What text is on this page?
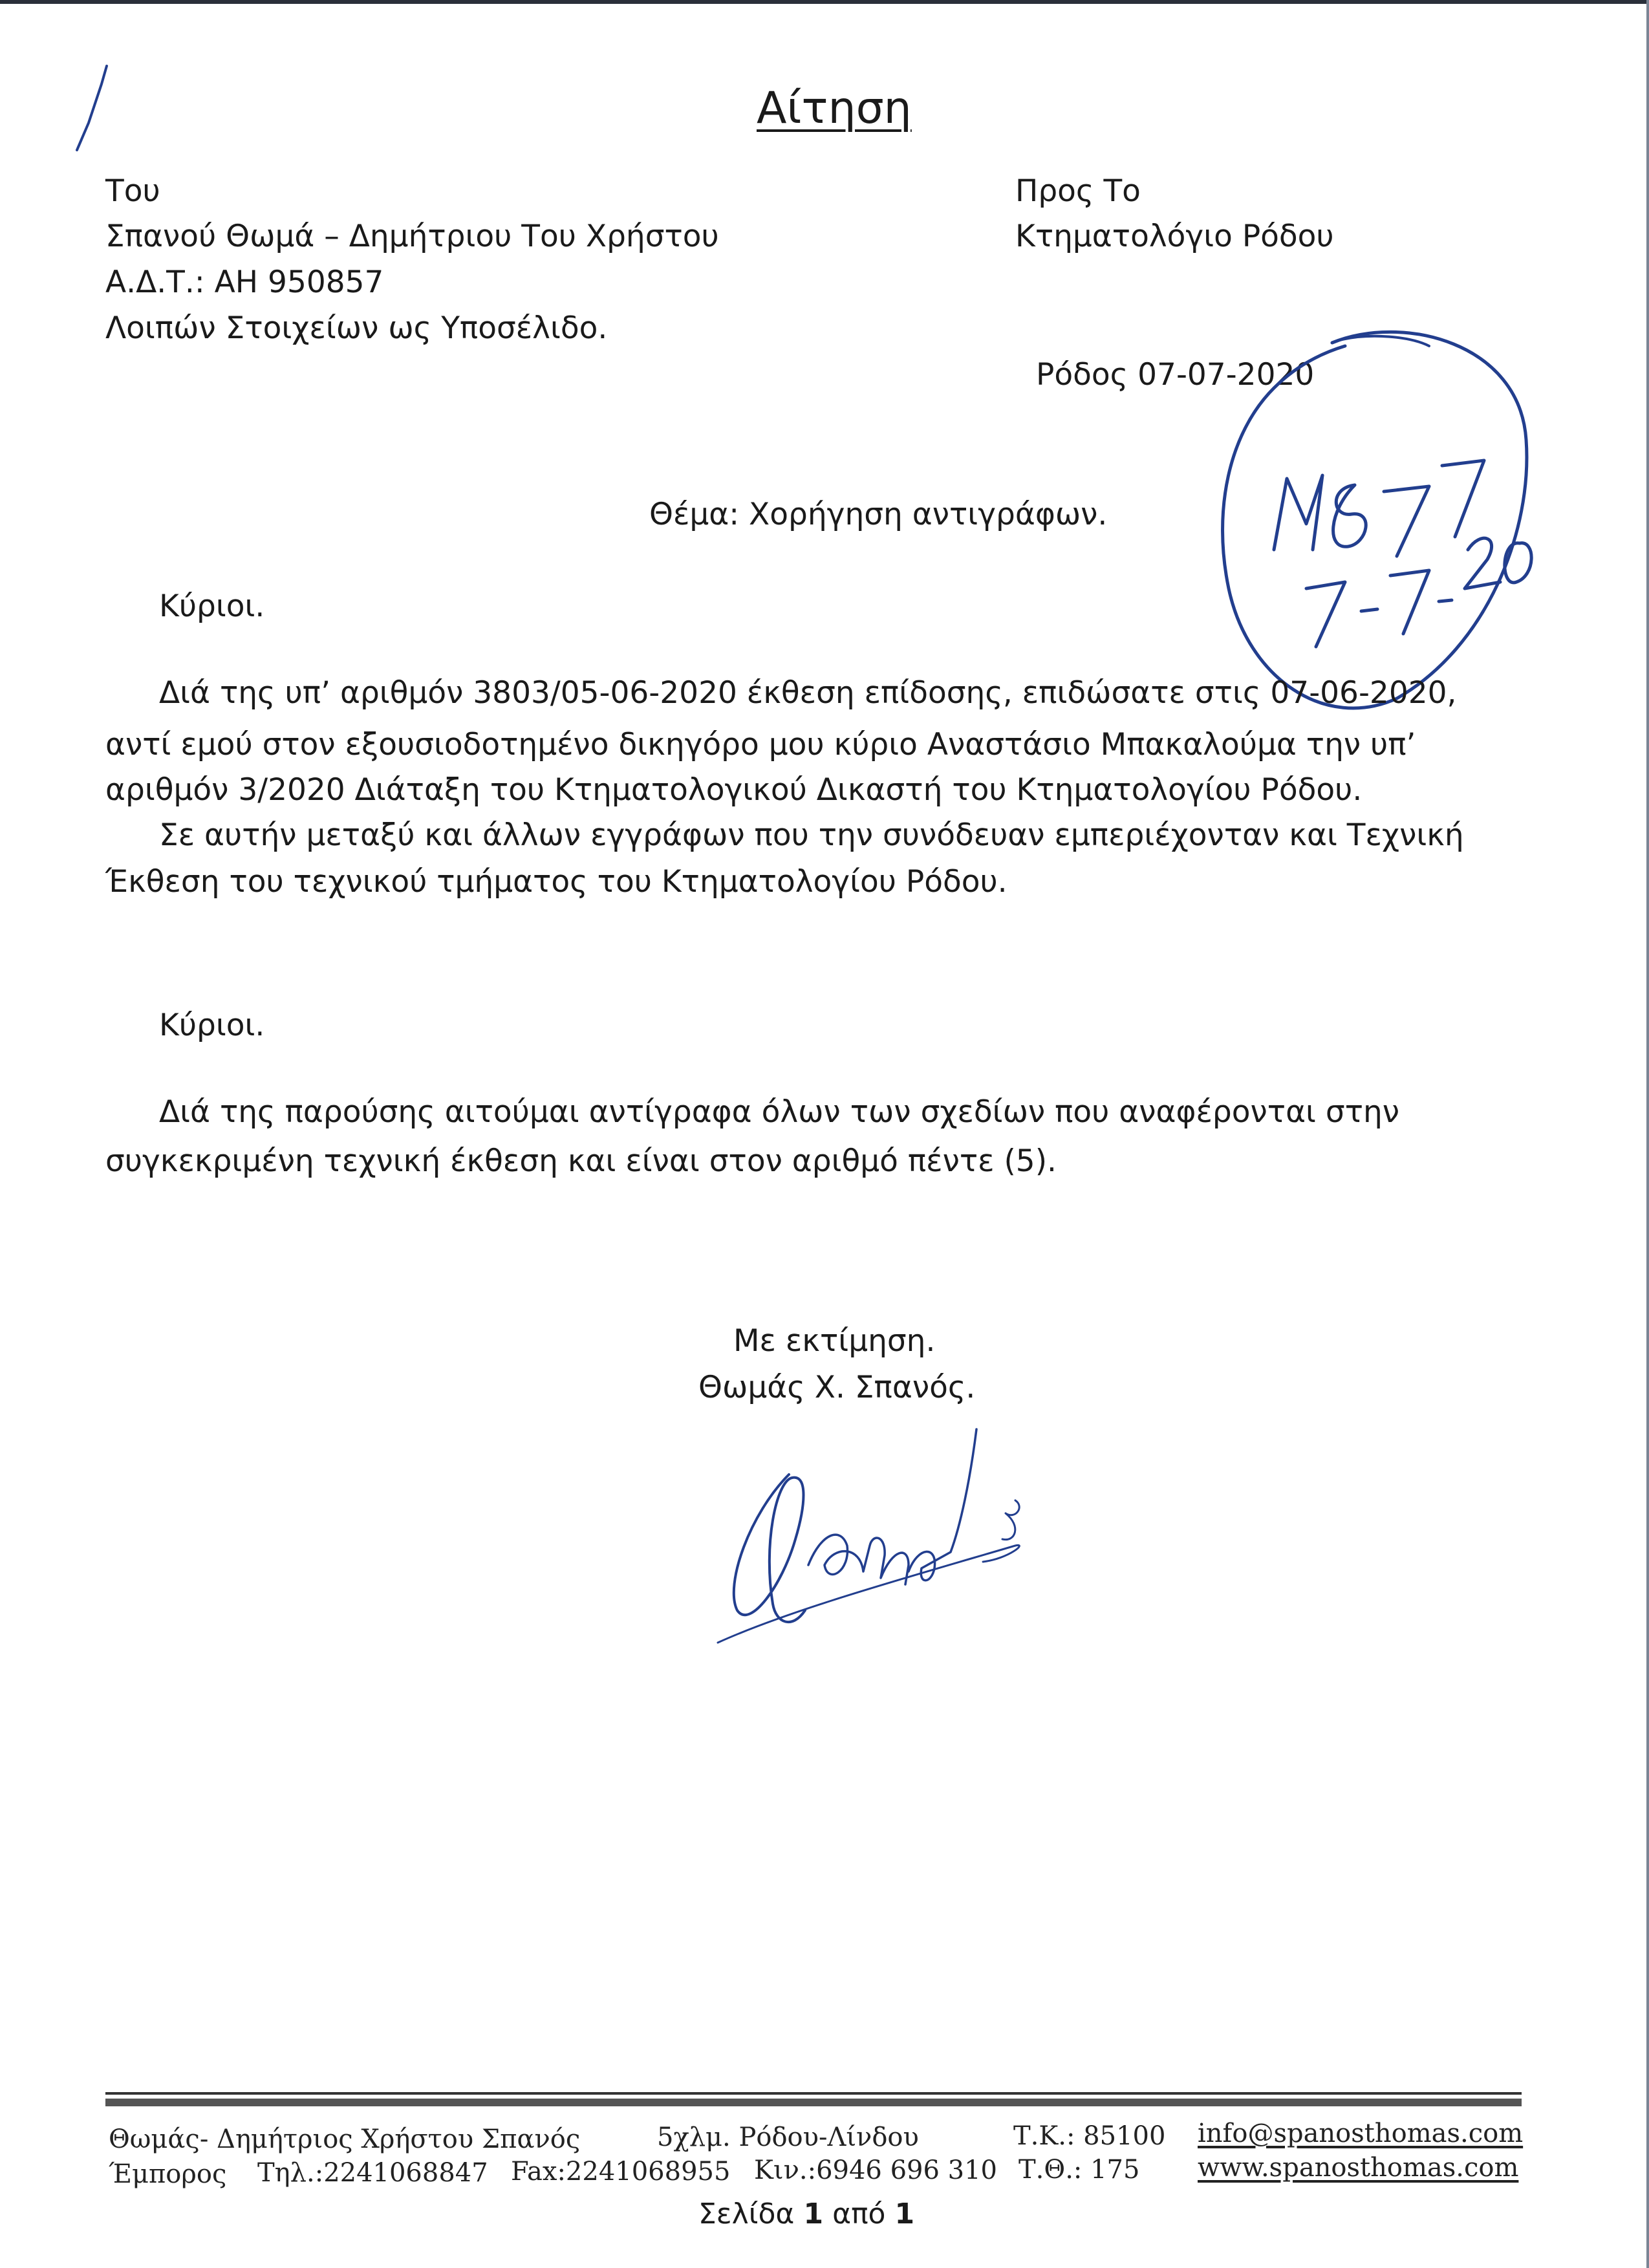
Αίτηση
Του
Σπανού Θωμά – Δημήτριου Του Χρήστου
Α.Δ.Τ.: ΑΗ 950857
Λοιπών Στοιχείων ως Υποσέλιδο.
Προς Το
Κτηματολόγιο Ρόδου
Ρόδος 07-07-2020
Θέμα: Χορήγηση αντιγράφων.
Κύριοι.
Διά της υπ’ αριθμόν 3803/05-06-2020 έκθεση επίδοσης, επιδώσατε στις 07-06-2020,
αντί εμού στον εξουσιοδοτημένο δικηγόρο μου κύριο Αναστάσιο Μπακαλούμα την υπ’
αριθμόν 3/2020 Διάταξη του Κτηματολογικού Δικαστή του Κτηματολογίου Ρόδου.
Σε αυτήν μεταξύ και άλλων εγγράφων που την συνόδευαν εμπεριέχονταν και Τεχνική
Έκθεση του τεχνικού τμήματος του Κτηματολογίου Ρόδου.
Κύριοι.
Διά της παρούσης αιτούμαι αντίγραφα όλων των σχεδίων που αναφέρονται στην
συγκεκριμένη τεχνική έκθεση και είναι στον αριθμό πέντε (5).
Με εκτίμηση.
Θωμάς Χ. Σπανός.
Θωμάς- Δημήτριος Χρήστου Σπανός	5χλμ. Ρόδου-Λίνδου	Τ.Κ.: 85100 info@spanosthomas.com
Έμπορος Τηλ.:2241068847 Fax:2241068955 Κιν.:6946 696 310 Τ.Θ.: 175 www.spanosthomas.com
Σελίδα 1 από 1
